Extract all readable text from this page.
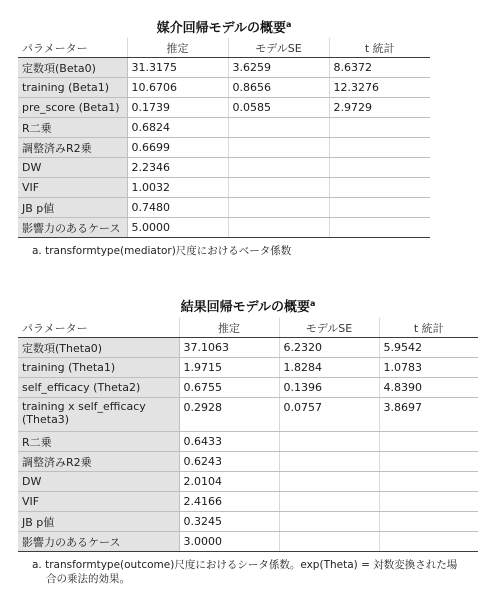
媒介回帰モデルの概要$^a$
パラメーター	推定	モデルSE	t 統計
定数項(Beta0)	31.3175	3.6259	8.6372
training (Beta1)	10.6706	0.8656	12.3276
pre_score (Beta1)	0.1739	0.0585	2.9729
R二乗	0.6824		
調整済みR2乗	0.6699		
DW	2.2346		
VIF	1.0032		
JB p値	0.7480		
影響力のあるケース	5.0000		
a. transformtype(mediator)尺度におけるベータ係数
結果回帰モデルの概要$^a$
パラメーター	推定	モデルSE	t 統計
定数項(Theta0)	37.1063	6.2320	5.9542
training (Theta1)	1.9715	1.8284	1.0783
self_efficacy (Theta2)	0.6755	0.1396	4.8390
training x self_efficacy (Theta3)	0.2928	0.0757	3.8697
R二乗	0.6433		
調整済みR2乗	0.6243		
DW	2.0104		
VIF	2.4166		
JB p値	0.3245		
影響力のあるケース	3.0000		
a. transformtype(outcome)尺度におけるシータ係数。exp(Theta) = 対数変換された場
合の乗法的効果。
